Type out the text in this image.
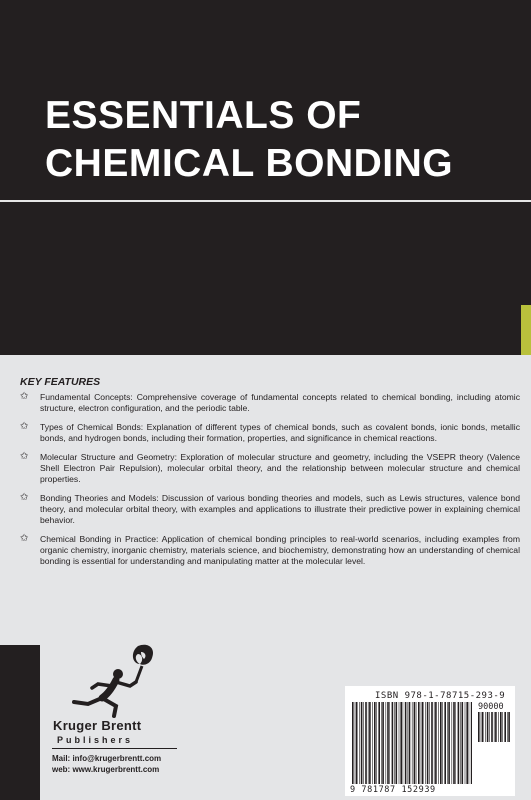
ESSENTIALS OF
CHEMICAL BONDING
KEY FEATURES
✩ Fundamental Concepts: Comprehensive coverage of fundamental concepts related to chemical bonding, including atomic structure, electron configuration, and the periodic table.
✩ Types of Chemical Bonds: Explanation of different types of chemical bonds, such as covalent bonds, ionic bonds, metallic bonds, and hydrogen bonds, including their formation, properties, and significance in chemical reactions.
✩ Molecular Structure and Geometry: Exploration of molecular structure and geometry, including the VSEPR theory (Valence Shell Electron Pair Repulsion), molecular orbital theory, and the relationship between molecular structure and chemical properties.
✩ Bonding Theories and Models: Discussion of various bonding theories and models, such as Lewis structures, valence bond theory, and molecular orbital theory, with examples and applications to illustrate their predictive power in explaining chemical behavior.
✩ Chemical Bonding in Practice: Application of chemical bonding principles to real-world scenarios, including examples from organic chemistry, inorganic chemistry, materials science, and biochemistry, demonstrating how an understanding of chemical bonding is essential for understanding and manipulating matter at the molecular level.
Kruger Brentt
Publishers
Mail: info@krugerbrentt.com
web: www.krugerbrentt.com
ISBN 978-1-78715-293-9
90000
9 781787 152939
